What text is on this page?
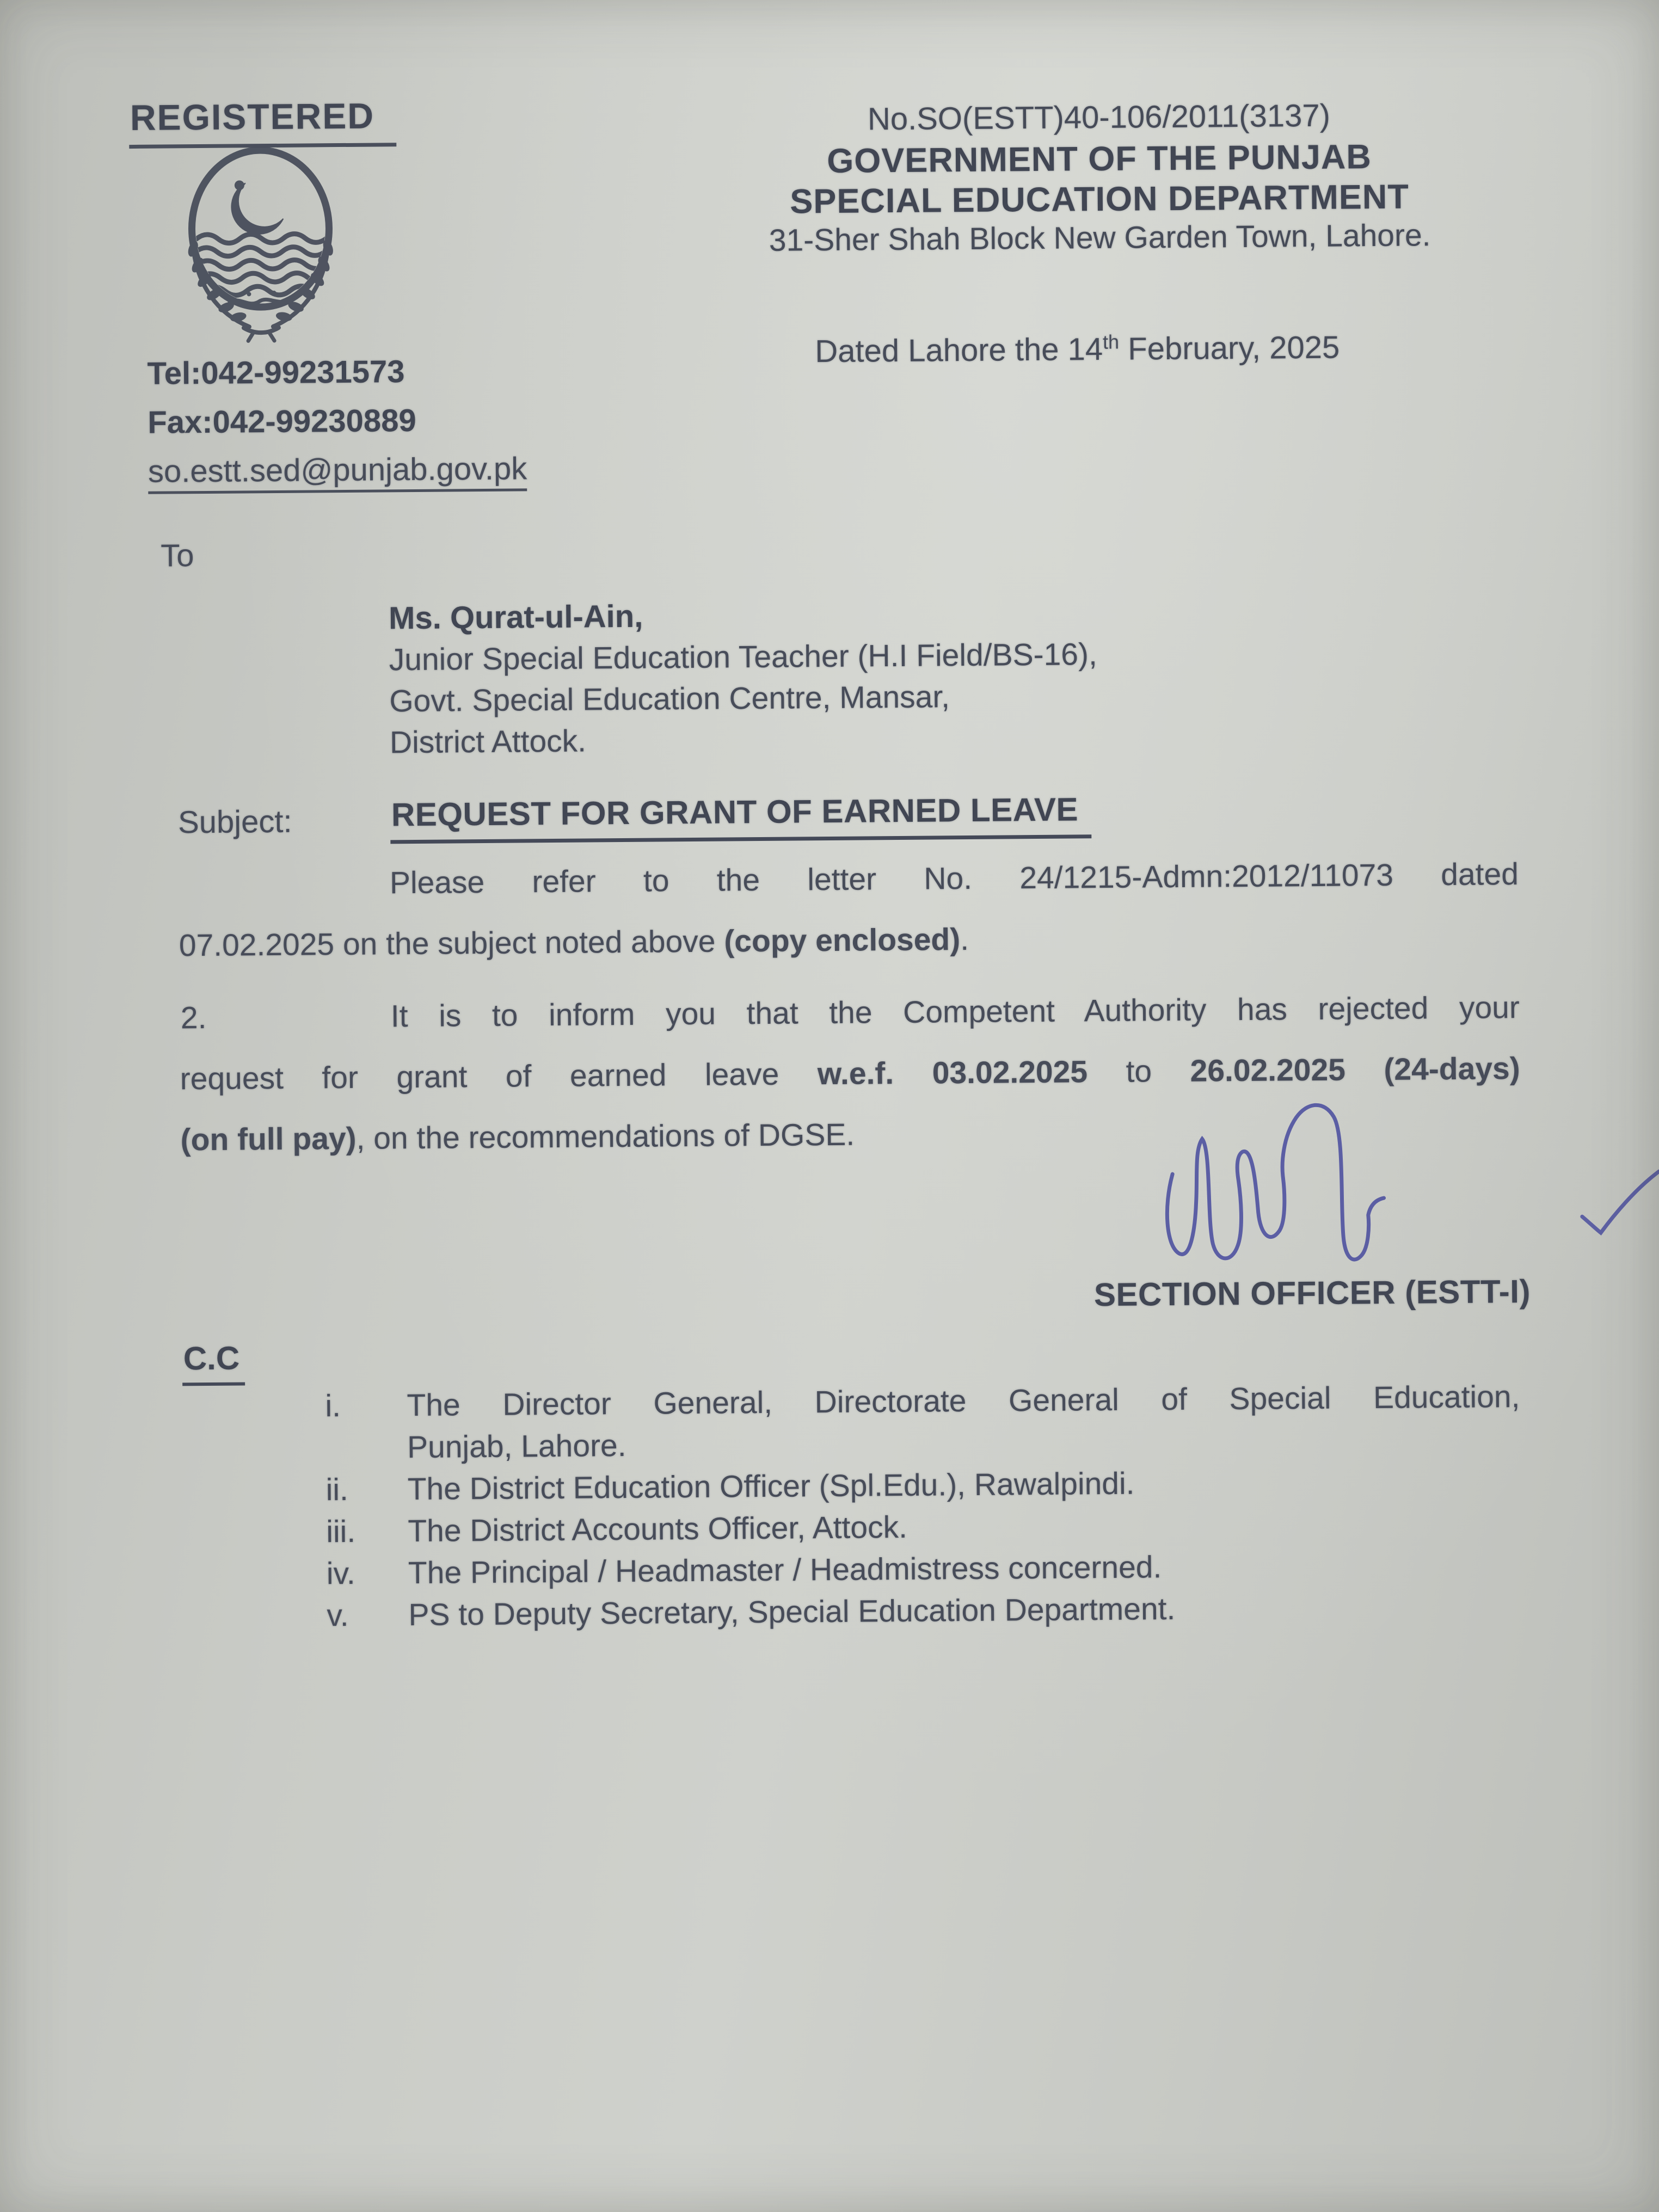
REGISTERED	No.SO(ESTT)40-106/2011(3137)
GOVERNMENT OF THE PUNJAB
SPECIAL EDUCATION DEPARTMENT
31-Sher Shah Block New Garden Town, Lahore.
Dated Lahore the 14th February, 2025
Tel:042-99231573
Fax:042-99230889
so.estt.sed@punjab.gov.pk
To
Ms. Qurat-ul-Ain,
Junior Special Education Teacher (H.I Field/BS-16),
Govt. Special Education Centre, Mansar,
District Attock.
Subject:	REQUEST FOR GRANT OF EARNED LEAVE
Please refer to the letter No. 24/1215-Admn:2012/11073 dated
07.02.2025 on the subject noted above (copy enclosed).
2.	It is to inform you that the Competent Authority has rejected your
request for grant of earned leave w.e.f. 03.02.2025 to 26.02.2025 (24-days)
(on full pay), on the recommendations of DGSE.
SECTION OFFICER (ESTT-I)
C.C
i.	The Director General, Directorate General of Special Education,
Punjab, Lahore.
ii.	The District Education Officer (Spl.Edu.), Rawalpindi.
iii.	The District Accounts Officer, Attock.
iv.	The Principal / Headmaster / Headmistress concerned.
v.	PS to Deputy Secretary, Special Education Department.
